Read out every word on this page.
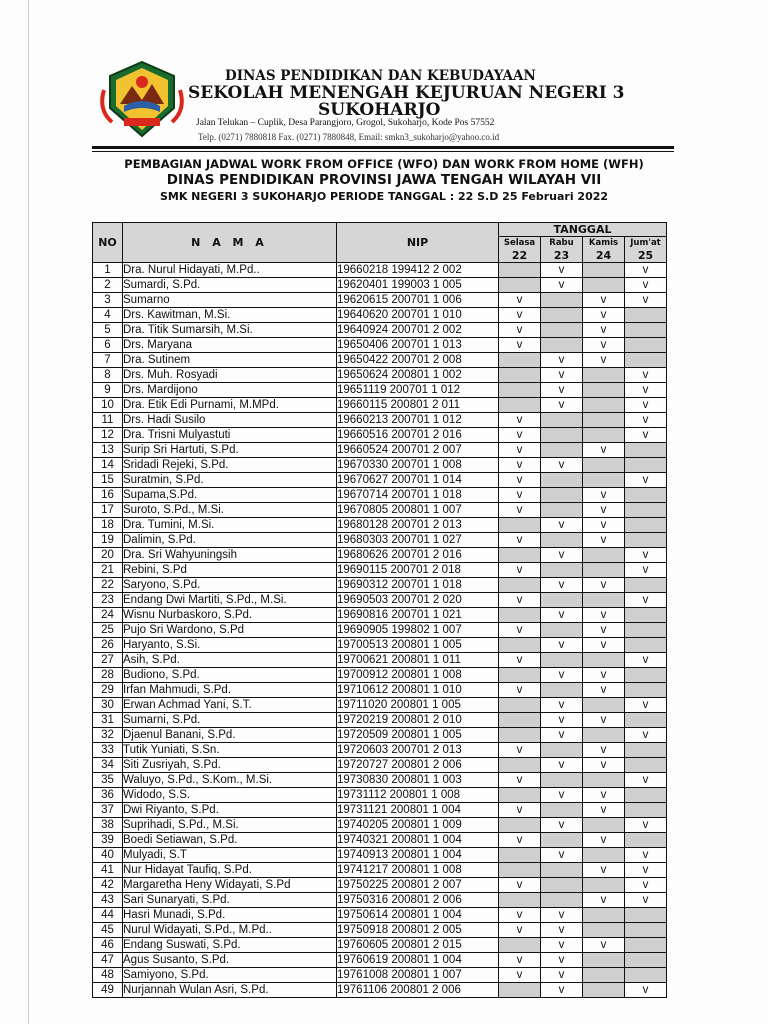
DINAS PENDIDIKAN DAN KEBUDAYAAN
SEKOLAH MENENGAH KEJURUAN NEGERI 3
SUKOHARJO
Jalan Telukan – Cuplik, Desa Parangjoro, Grogol, Sukoharjo, Kode Pos 57552
Telp. (0271) 7880818 Fax. (0271) 7880848, Email: smkn3_sukoharjo@yahoo.co.id
PEMBAGIAN JADWAL WORK FROM OFFICE (WFO) DAN WORK FROM HOME (WFH)
DINAS PENDIDIKAN PROVINSI JAWA TENGAH WILAYAH VII
SMK NEGERI 3 SUKOHARJO PERIODE TANGGAL : 22 S.D 25 Februari 2022
NO	N A M A	NIP	TANGGAL			
			Selasa	Rabu	Kamis	Jum'at
			22	23	24	25
1	Dra. Nurul Hidayati, M.Pd..	19660218 199412 2 002		v		v
2	Sumardi, S.Pd.	19620401 199003 1 005		v		v
3	Sumarno	19620615 200701 1 006	v		v	v
4	Drs. Kawitman, M.Si.	19640620 200701 1 010	v		v	
5	Dra. Titik Sumarsih, M.Si.	19640924 200701 2 002	v		v	
6	Drs. Maryana	19650406 200701 1 013	v		v	
7	Dra. Sutinem	19650422 200701 2 008		v	v	
8	Drs. Muh. Rosyadi	19650624 200801 1 002		v		v
9	Drs. Mardijono	19651119 200701 1 012		v		v
10	Dra. Etik Edi Purnami, M.MPd.	19660115 200801 2 011		v		v
11	Drs. Hadi Susilo	19660213 200701 1 012	v			v
12	Dra. Trisni Mulyastuti	19660516 200701 2 016	v			v
13	Surip Sri Hartuti, S.Pd.	19660524 200701 2 007	v		v	
14	Sridadi Rejeki, S.Pd.	19670330 200701 1 008	v	v		
15	Suratmin, S.Pd.	19670627 200701 1 014	v			v
16	Supama,S.Pd.	19670714 200701 1 018	v		v	
17	Suroto, S.Pd., M.Si.	19670805 200801 1 007	v		v	
18	Dra. Tumini, M.Si.	19680128 200701 2 013		v	v	
19	Dalimin, S.Pd.	19680303 200701 1 027	v		v	
20	Dra. Sri Wahyuningsih	19680626 200701 2 016		v		v
21	Rebini, S.Pd	19690115 200701 2 018	v			v
22	Saryono, S.Pd.	19690312 200701 1 018		v	v	
23	Endang Dwi Martiti, S.Pd., M.Si.	19690503 200701 2 020	v			v
24	Wisnu Nurbaskoro, S.Pd.	19690816 200701 1 021		v	v	
25	Pujo Sri Wardono, S.Pd	19690905 199802 1 007	v		v	
26	Haryanto, S.Si.	19700513 200801 1 005		v	v	
27	Asih, S.Pd.	19700621 200801 1 011	v			v
28	Budiono, S.Pd.	19700912 200801 1 008		v	v	
29	Irfan Mahmudi, S.Pd.	19710612 200801 1 010	v		v	
30	Erwan Achmad Yani, S.T.	19711020 200801 1 005		v		v
31	Sumarni, S.Pd.	19720219 200801 2 010		v	v	
32	Djaenul Banani, S.Pd.	19720509 200801 1 005		v		v
33	Tutik Yuniati, S.Sn.	19720603 200701 2 013	v		v	
34	Siti Zusriyah, S.Pd.	19720727 200801 2 006		v	v	
35	Waluyo, S.Pd., S.Kom., M.Si.	19730830 200801 1 003	v			v
36	Widodo, S.S.	19731112 200801 1 008		v	v	
37	Dwi Riyanto, S.Pd.	19731121 200801 1 004	v		v	
38	Suprihadi, S.Pd., M.Si.	19740205 200801 1 009		v		v
39	Boedi Setiawan, S.Pd.	19740321 200801 1 004	v		v	
40	Mulyadi, S.T	19740913 200801 1 004		v		v
41	Nur Hidayat Taufiq, S.Pd.	19741217 200801 1 008			v	v
42	Margaretha Heny Widayati, S.Pd	19750225 200801 2 007	v			v
43	Sari Sunaryati, S.Pd.	19750316 200801 2 006			v	v
44	Hasri Munadi, S.Pd.	19750614 200801 1 004	v	v		
45	Nurul Widayati, S.Pd., M.Pd..	19750918 200801 2 005	v	v		
46	Endang Suswati, S.Pd.	19760605 200801 2 015		v	v	
47	Agus Susanto, S.Pd.	19760619 200801 1 004	v	v		
48	Samiyono, S.Pd.	19761008 200801 1 007	v	v		
49	Nurjannah Wulan Asri, S.Pd.	19761106 200801 2 006		v		v
